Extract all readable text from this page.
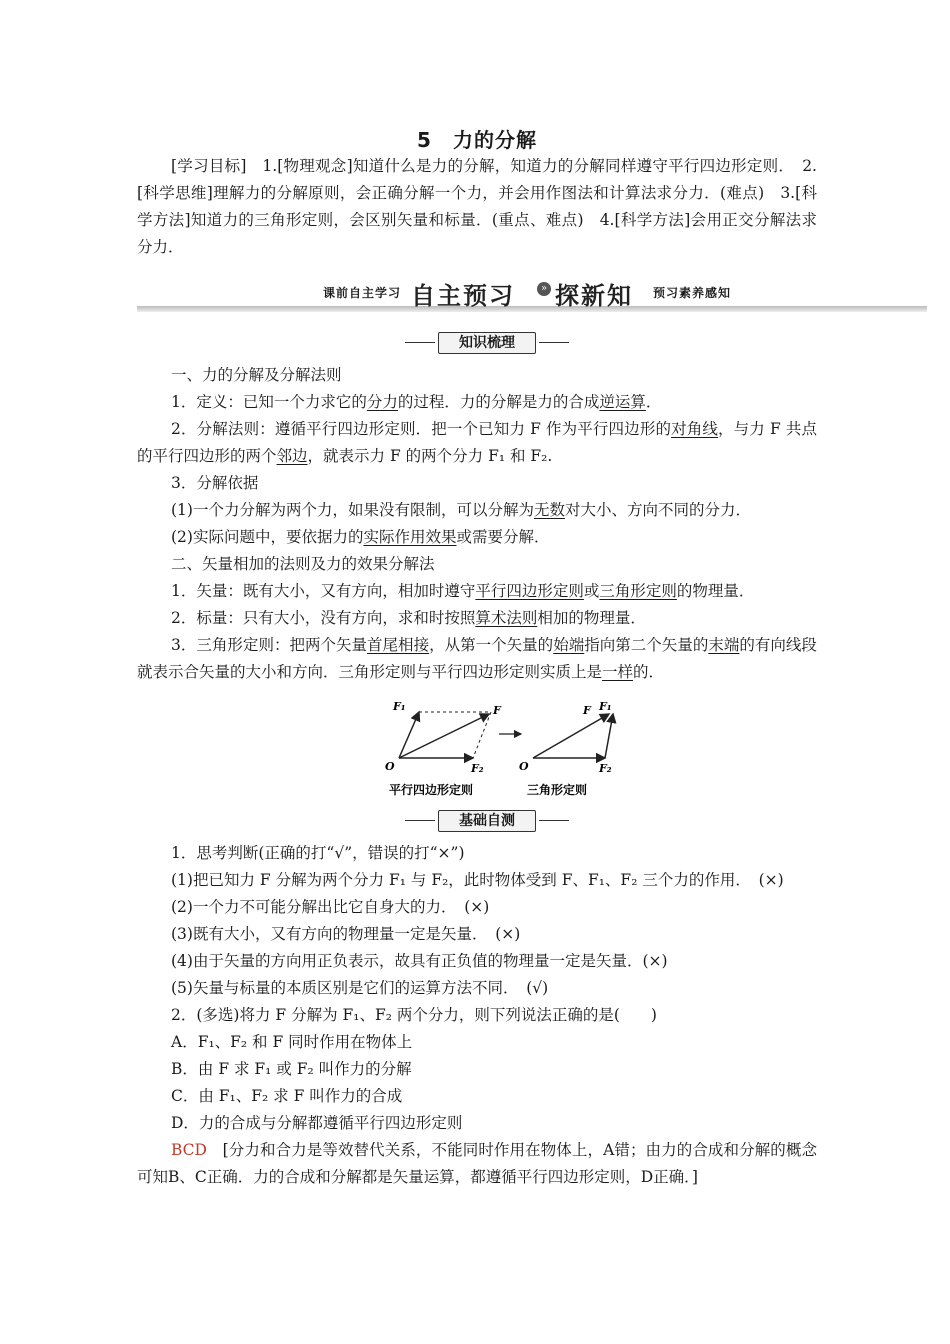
5　力的分解

[学习目标]　1.[物理观念]知道什么是力的分解，知道力的分解同样遵守平行四边形定则．　2.[科学思维]理解力的分解原则，会正确分解一个力，并会用作图法和计算法求分力．(难点)　3.[科学方法]知道力的三角形定则，会区别矢量和标量．(重点、难点)　4.[科学方法]会用正交分解法求分力．

课前自主学习 自主预习	» 探新知 预习素养感知
知识梳理

一、力的分解及分解法则

1．定义：已知一个力求它的分力的过程．力的分解是力的合成逆运算．

2．分解法则：遵循平行四边形定则．把一个已知力 F 作为平行四边形的对角线，与力 F 共点的平行四边形的两个邻边，就表示力 F 的两个分力 F₁ 和 F₂.

3．分解依据

(1)一个力分解为两个力，如果没有限制，可以分解为无数对大小、方向不同的分力．

(2)实际问题中，要依据力的实际作用效果或需要分解．

二、矢量相加的法则及力的效果分解法

1．矢量：既有大小，又有方向，相加时遵守平行四边形定则或三角形定则的物理量．

2．标量：只有大小，没有方向，求和时按照算术法则相加的物理量．

3．三角形定则：把两个矢量首尾相接，从第一个矢量的始端指向第二个矢量的末端的有向线段就表示合矢量的大小和方向．三角形定则与平行四边形定则实质上是一样的．

F₁	F
O	F₂
F F₁
O	F₂
平行四边形定则	三角形定则
基础自测

1．思考判断(正确的打“√”，错误的打“×”)

(1)把已知力 F 分解为两个分力 F₁ 与 F₂，此时物体受到 F、F₁、F₂ 三个力的作用．　(×)

(2)一个力不可能分解出比它自身大的力．　(×)

(3)既有大小，又有方向的物理量一定是矢量．　(×)

(4)由于矢量的方向用正负表示，故具有正负值的物理量一定是矢量．(×)

(5)矢量与标量的本质区别是它们的运算方法不同．　(√)

2．(多选)将力 F 分解为 F₁、F₂ 两个分力，则下列说法正确的是(　　)

A．F₁、F₂ 和 F 同时作用在物体上

B．由 F 求 F₁ 或 F₂ 叫作力的分解

C．由 F₁、F₂ 求 F 叫作力的合成

D．力的合成与分解都遵循平行四边形定则

BCD　[分力和合力是等效替代关系，不能同时作用在物体上，A错；由力的合成和分解的概念可知B、C正确．力的合成和分解都是矢量运算，都遵循平行四边形定则，D正确．]
